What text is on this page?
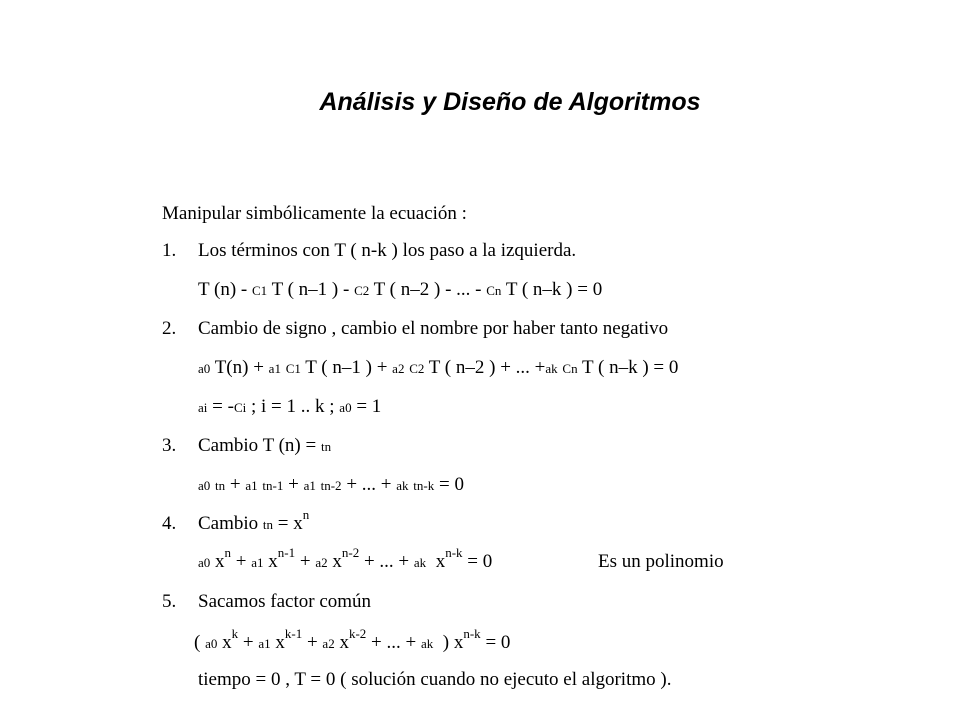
Análisis y Diseño de Algoritmos
Manipular simbólicamente la ecuación :
1. Los términos con T ( n-k ) los paso a la izquierda.
T (n) - C1 T ( n–1 ) - C2 T ( n–2 ) - ... - Cn T ( n–k ) = 0
2. Cambio de signo , cambio el nombre por haber tanto negativo
a0 T(n) + a1 C1 T ( n–1 ) + a2 C2 T ( n–2 ) + ... +ak Cn T ( n–k ) = 0
ai = -Ci ; i = 1 .. k ; a0 = 1
3. Cambio T (n) = tn
a0 tn + a1 tn-1 + a1 tn-2 + ... + ak tn-k = 0
4. Cambio tn = $x^n$
a0 $x^n + a1$ $x^{n-1} + a2$ $x^{n-2}$ + ... + ak  $x^{n-k} = 0$	Es un polinomio
5. Sacamos factor común
( a0 $x^k + a1$ $x^{k-1} + a2$ $x^{k-2}$ + ... + ak  ) $x^{n-k} = 0$
tiempo = 0 , T = 0 ( solución cuando no ejecuto el algoritmo ).
